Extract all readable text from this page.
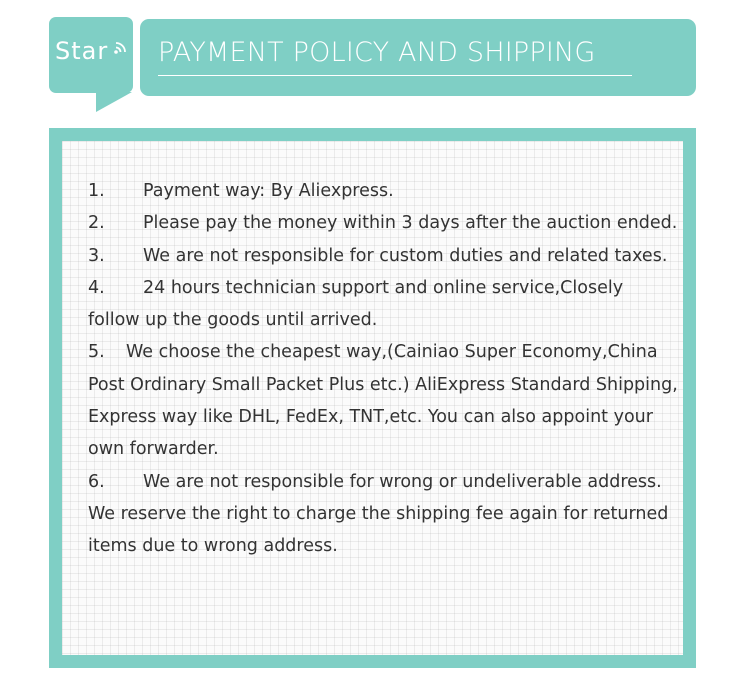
Star PAYMENT POLICY AND SHIPPING
1. Payment way: By Aliexpress.
2. Please pay the money within 3 days after the auction ended.
3. We are not responsible for custom duties and related taxes.
4. 24 hours technician support and online service,Closely follow up the goods until arrived.
5. We choose the cheapest way,(Cainiao Super Economy,China Post Ordinary Small Packet Plus etc.) AliExpress Standard Shipping, Express way like DHL, FedEx, TNT,etc. You can also appoint your own forwarder.
6. We are not responsible for wrong or undeliverable address. We reserve the right to charge the shipping fee again for returned items due to wrong address.
